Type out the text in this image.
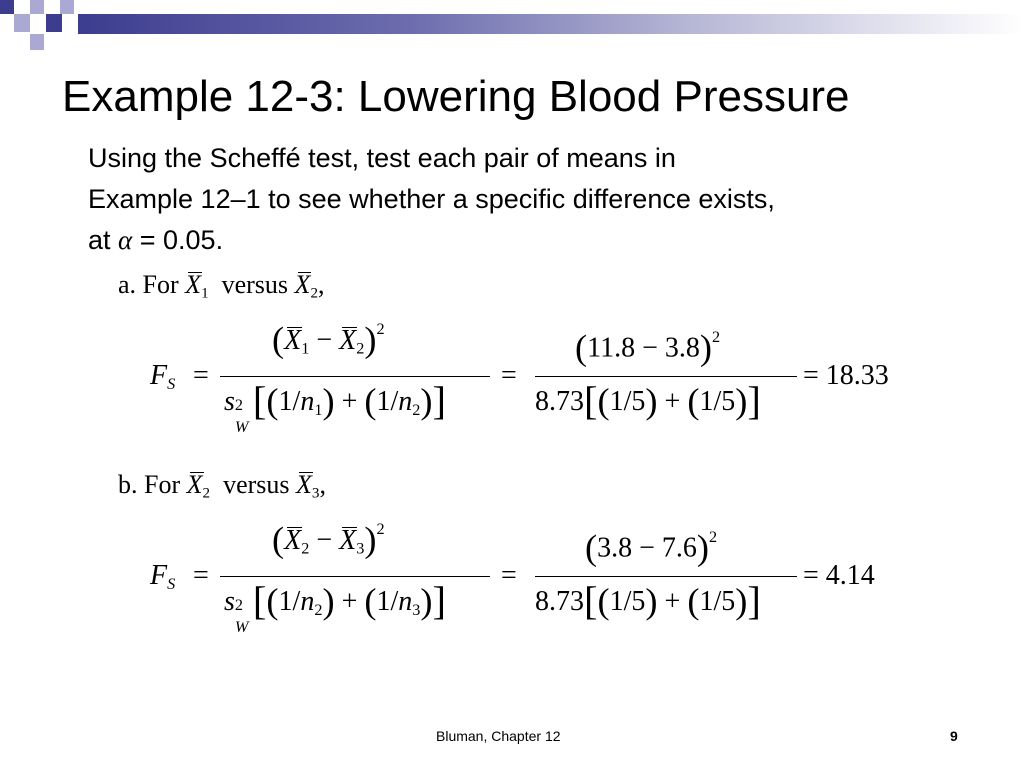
Example 12-3: Lowering Blood Pressure
Using the Scheffé test, test each pair of means in
Example 12–1 to see whether a specific difference exists,
at α = 0.05.
a. For $X_1$ versus $X_2$,
$F_S$ =
$(X_1 - X_2)^2$
s 2
W
$[(1/n_1) + (1/n_2)]$
=
$(11.8 - 3.8)^2$
8.73[(1/5) + (1/5)]
= 18.33
b. For $X_2$ versus $X_3$,
$F_S$ =
$(X_2 - X_3)^2$
s 2
W
$[(1/n_2) + (1/n_3)]$
=
$(3.8 - 7.6)^2$
8.73[(1/5) + (1/5)]
= 4.14
Bluman, Chapter 12	9
